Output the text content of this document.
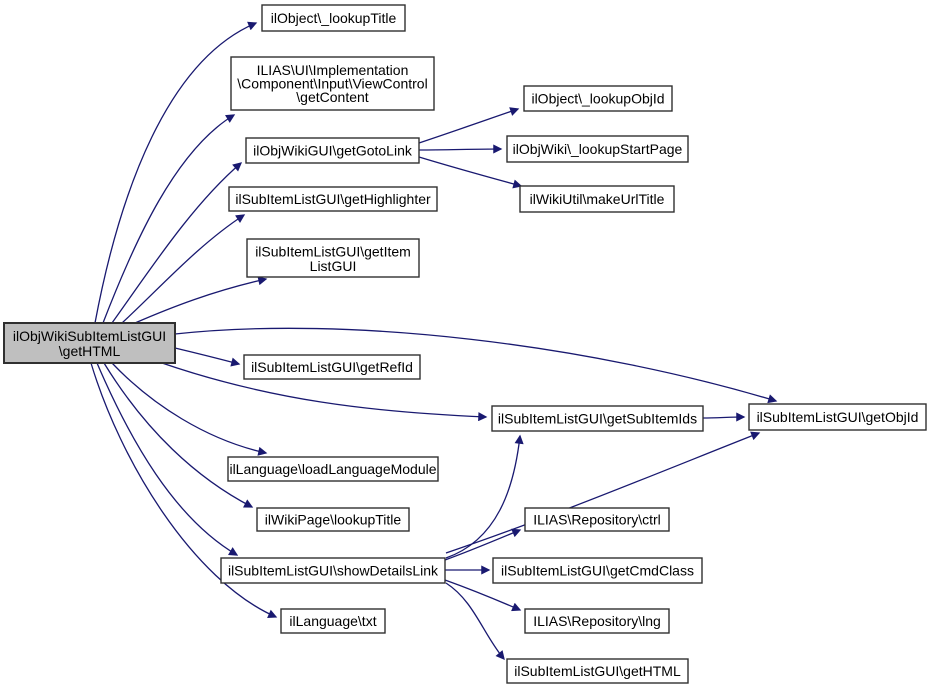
ilObjWikiSubItemListGUI
\getHTML
ilObject\_lookupTitle
ILIAS\UI\Implementation
\Component\Input\ViewControl
\getContent
ilObjWikiGUI\getGotoLink
ilSubItemListGUI\getHighlighter
ilSubItemListGUI\getItem
ListGUI
ilSubItemListGUI\getRefId
ilLanguage\loadLanguageModule
ilWikiPage\lookupTitle
ilSubItemListGUI\showDetailsLink
ilLanguage\txt
ilObject\_lookupObjId
ilObjWiki\_lookupStartPage
ilWikiUtil\makeUrlTitle
ilSubItemListGUI\getSubItemIds	ilSubItemListGUI\getObjId
ILIAS\Repository\ctrl
ilSubItemListGUI\getCmdClass
ILIAS\Repository\lng
ilSubItemListGUI\getHTML
